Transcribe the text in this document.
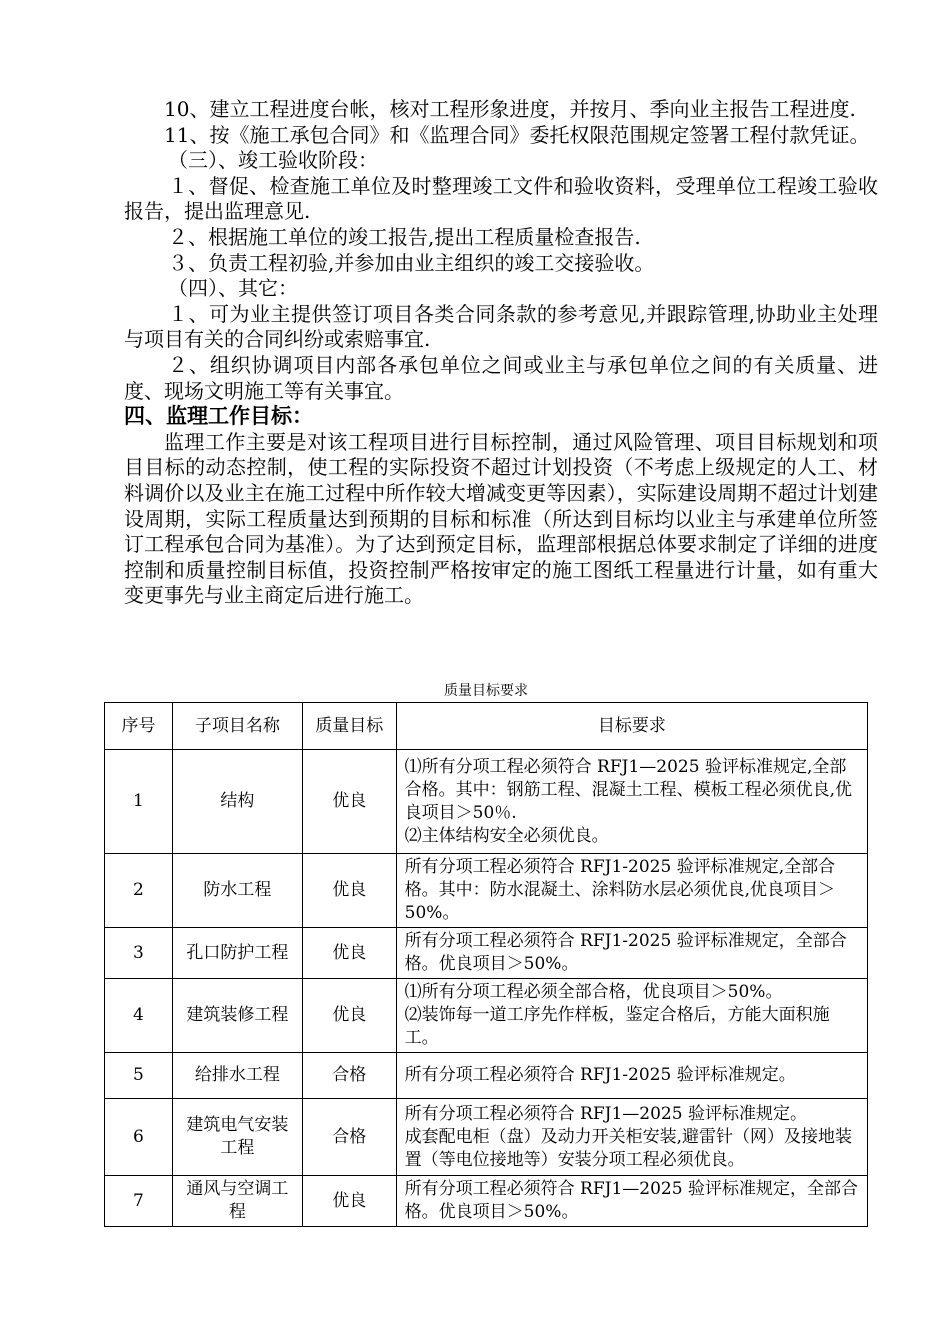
10、建立工程进度台帐，核对工程形象进度，并按月、季向业主报告工程进度.

11、按《施工承包合同》和《监理合同》委托权限范围规定签署工程付款凭证。

（三）、竣工验收阶段：

１、督促、检查施工单位及时整理竣工文件和验收资料，受理单位工程竣工验收报告，提出监理意见.

２、根据施工单位的竣工报告,提出工程质量检查报告.

３、负责工程初验,并参加由业主组织的竣工交接验收。

（四）、其它：

１、可为业主提供签订项目各类合同条款的参考意见,并跟踪管理,协助业主处理与项目有关的合同纠纷或索赔事宜.

２、组织协调项目内部各承包单位之间或业主与承包单位之间的有关质量、进度、现场文明施工等有关事宜。

四、监理工作目标：

监理工作主要是对该工程项目进行目标控制，通过风险管理、项目目标规划和项目目标的动态控制，使工程的实际投资不超过计划投资（不考虑上级规定的人工、材料调价以及业主在施工过程中所作较大增减变更等因素），实际建设周期不超过计划建设周期，实际工程质量达到预期的目标和标准（所达到目标均以业主与承建单位所签订工程承包合同为基准）。为了达到预定目标，监理部根据总体要求制定了详细的进度控制和质量控制目标值，投资控制严格按审定的施工图纸工程量进行计量，如有重大变更事先与业主商定后进行施工。

质量目标要求
序号	子项目名称	质量目标	目标要求
1	结构	优良	⑴所有分项工程必须符合 RFJ1—2025 验评标准规定,全部合格。其中：钢筋工程、混凝土工程、模板工程必须优良,优良项目＞50％.
⑵主体结构安全必须优良。

2	防水工程	优良	所有分项工程必须符合 RFJ1-2025 验评标准规定,全部合格。其中：防水混凝土、涂料防水层必须优良,优良项目＞50%。

3	孔口防护工程	优良	所有分项工程必须符合 RFJ1-2025 验评标准规定，全部合格。优良项目＞50%。

4	建筑装修工程	优良	⑴所有分项工程必须全部合格，优良项目＞50%。
⑵装饰每一道工序先作样板，鉴定合格后，方能大面积施工。

5	给排水工程	合格	所有分项工程必须符合 RFJ1-2025 验评标准规定。

6	建筑电气安装工程	合格	所有分项工程必须符合 RFJ1—2025 验评标准规定。
成套配电柜（盘）及动力开关柜安装,避雷针（网）及接地装置（等电位接地等）安装分项工程必须优良。

7	通风与空调工程	优良	所有分项工程必须符合 RFJ1—2025 验评标准规定，全部合格。优良项目＞50%。
